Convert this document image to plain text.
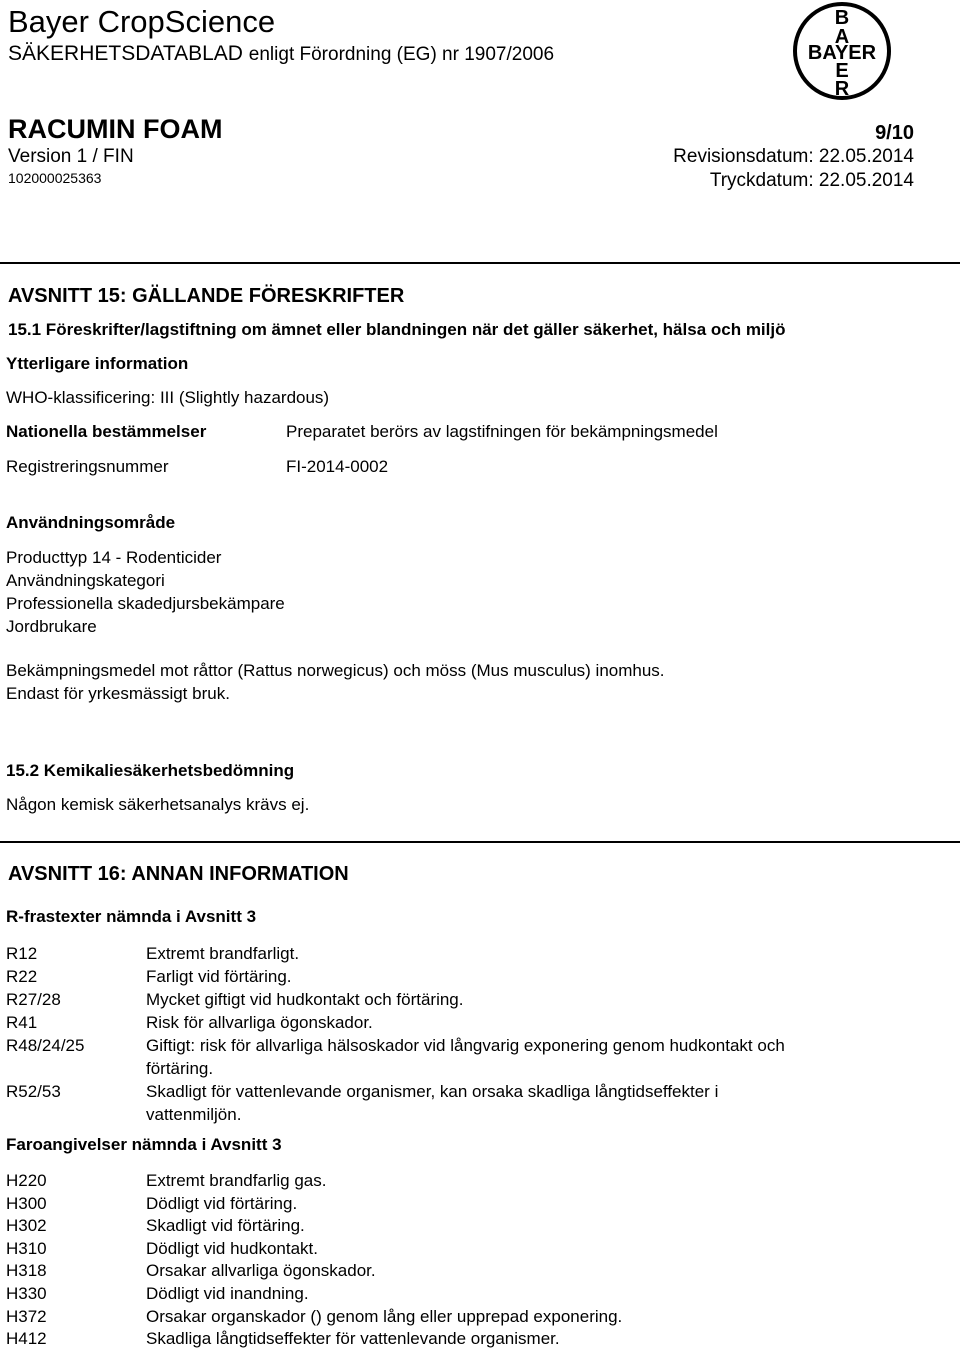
Bayer CropScience
SÄKERHETSDATABLAD enligt Förordning (EG) nr 1907/2006
B
A
BAYER
E
R
RACUMIN FOAM	9/10
Version 1 / FIN	Revisionsdatum: 22.05.2014
102000025363	Tryckdatum: 22.05.2014
AVSNITT 15: GÄLLANDE FÖRESKRIFTER
15.1 Föreskrifter/lagstiftning om ämnet eller blandningen när det gäller säkerhet, hälsa och miljö
Ytterligare information
WHO-klassificering: III (Slightly hazardous)
Nationella bestämmelser	Preparatet berörs av lagstifningen för bekämpningsmedel
Registreringsnummer	FI-2014-0002
Användningsområde
Producttyp 14 - Rodenticider
Användningskategori
Professionella skadedjursbekämpare
Jordbrukare
Bekämpningsmedel mot råttor (Rattus norwegicus) och möss (Mus musculus) inomhus.
Endast för yrkesmässigt bruk.
15.2 Kemikaliesäkerhetsbedömning
Någon kemisk säkerhetsanalys krävs ej.
AVSNITT 16: ANNAN INFORMATION
R-frastexter nämnda i Avsnitt 3
R12	Extremt brandfarligt.
R22	Farligt vid förtäring.
R27/28	Mycket giftigt vid hudkontakt och förtäring.
R41	Risk för allvarliga ögonskador.
R48/24/25	Giftigt: risk för allvarliga hälsoskador vid långvarig exponering genom hudkontakt och
förtäring.
R52/53	Skadligt för vattenlevande organismer, kan orsaka skadliga långtidseffekter i
vattenmiljön.
Faroangivelser nämnda i Avsnitt 3
H220	Extremt brandfarlig gas.
H300	Dödligt vid förtäring.
H302	Skadligt vid förtäring.
H310	Dödligt vid hudkontakt.
H318	Orsakar allvarliga ögonskador.
H330	Dödligt vid inandning.
H372	Orsakar organskador () genom lång eller upprepad exponering.
H412	Skadliga långtidseffekter för vattenlevande organismer.
